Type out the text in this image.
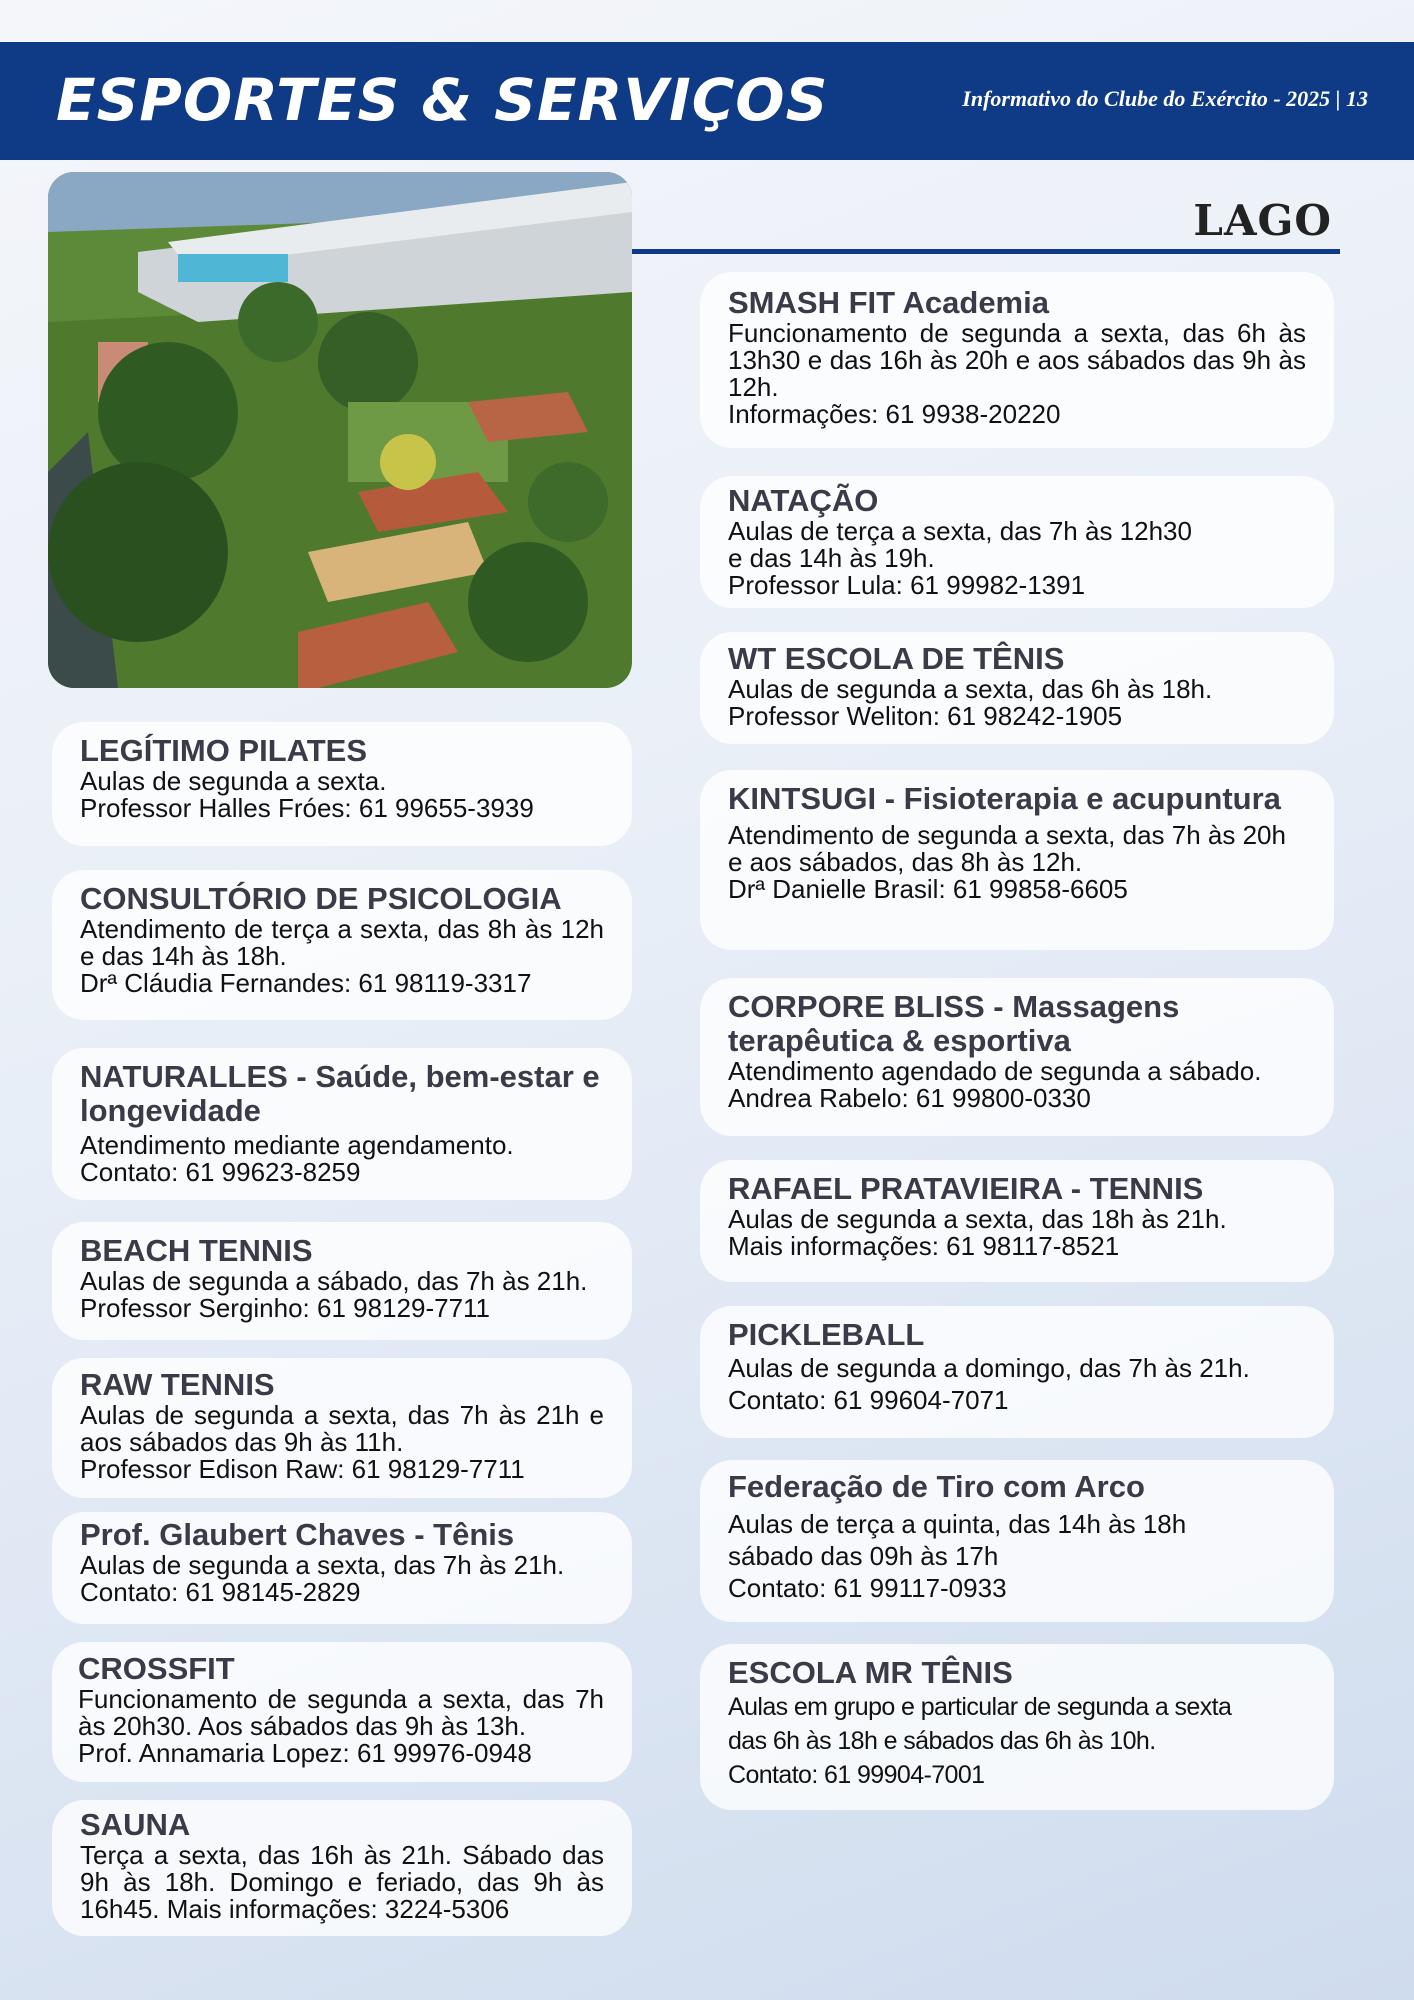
ESPORTES & SERVIÇOS	Informativo do Clube do Exército - 2025 | 13
LAGO
LEGÍTIMO PILATES
Aulas de segunda a sexta.
Professor Halles Fróes: 61 99655-3939
CONSULTÓRIO DE PSICOLOGIA
Atendimento de terça a sexta, das 8h às 12h e das 14h às 18h.
Drª Cláudia Fernandes: 61 98119-3317
NATURALLES - Saúde, bem-estar e longevidade
Atendimento mediante agendamento.
Contato: 61 99623-8259
BEACH TENNIS
Aulas de segunda a sábado, das 7h às 21h.
Professor Serginho: 61 98129-7711
RAW TENNIS
Aulas de segunda a sexta, das 7h às 21h e aos sábados das 9h às 11h.
Professor Edison Raw: 61 98129-7711
Prof. Glaubert Chaves - Tênis
Aulas de segunda a sexta, das 7h às 21h.
Contato: 61 98145-2829
CROSSFIT
Funcionamento de segunda a sexta, das 7h às 20h30. Aos sábados das 9h às 13h.
Prof. Annamaria Lopez: 61 99976-0948
SAUNA
Terça a sexta, das 16h às 21h. Sábado das 9h às 18h. Domingo e feriado, das 9h às 16h45. Mais informações: 3224-5306
SMASH FIT Academia
Funcionamento de segunda a sexta, das 6h às 13h30 e das 16h às 20h e aos sábados das 9h às 12h.
Informações: 61 9938-20220
NATAÇÃO
Aulas de terça a sexta, das 7h às 12h30
e das 14h às 19h.
Professor Lula: 61 99982-1391
WT ESCOLA DE TÊNIS
Aulas de segunda a sexta, das 6h às 18h.
Professor Weliton: 61 98242-1905
KINTSUGI - Fisioterapia e acupuntura
Atendimento de segunda a sexta, das 7h às 20h e aos sábados, das 8h às 12h.
Drª Danielle Brasil: 61 99858-6605
CORPORE BLISS - Massagens terapêutica & esportiva
Atendimento agendado de segunda a sábado.
Andrea Rabelo: 61 99800-0330
RAFAEL PRATAVIEIRA - TENNIS
Aulas de segunda a sexta, das 18h às 21h.
Mais informações: 61 98117-8521
PICKLEBALL
Aulas de segunda a domingo, das 7h às 21h.
Contato: 61 99604-7071
Federação de Tiro com Arco
Aulas de terça a quinta, das 14h às 18h
sábado das 09h às 17h
Contato: 61 99117-0933
ESCOLA MR TÊNIS
Aulas em grupo e particular de segunda a sexta
das 6h às 18h e sábados das 6h às 10h.
Contato: 61 99904-7001
